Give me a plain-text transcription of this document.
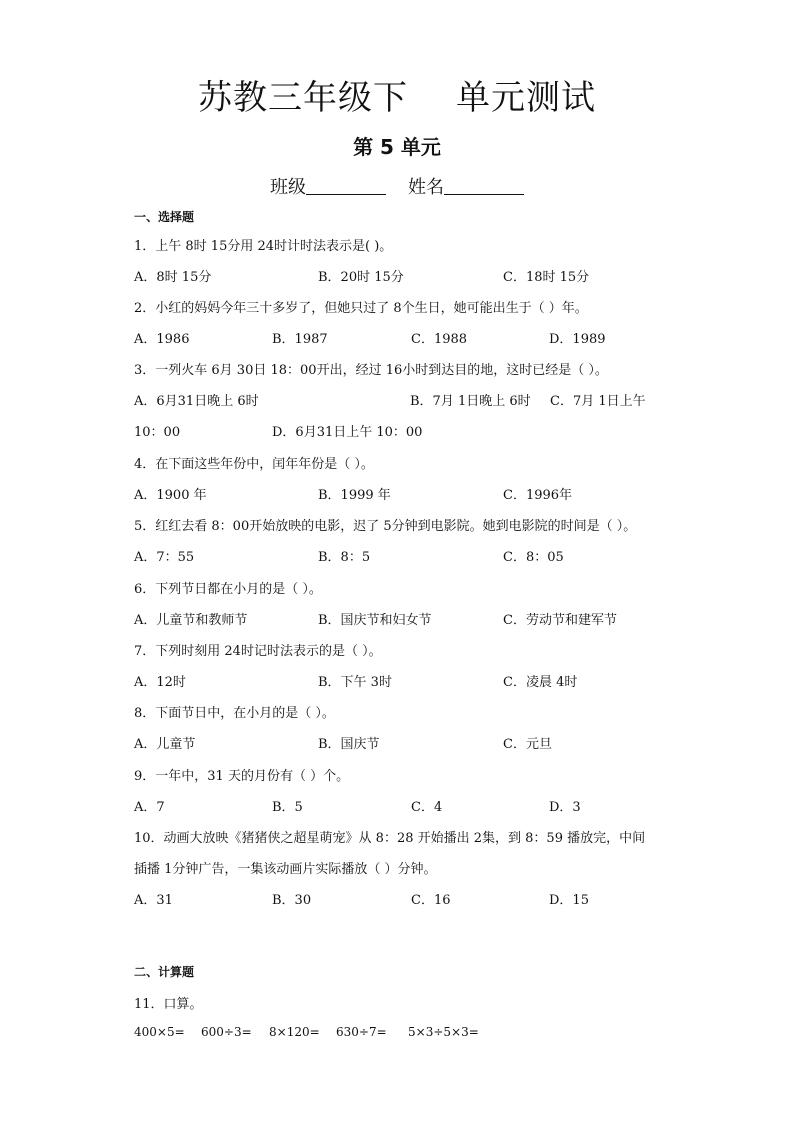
苏教三年级下 单元测试
第 5 单元
班级	姓名
一、选择题
1．上午 8时 15分用 24时计时法表示是( )。
A．8时 15分	B．20时 15分	C．18时 15分
2．小红的妈妈今年三十多岁了，但她只过了 8个生日，她可能出生于（ ）年。
A．1986	B．1987	C．1988	D．1989
3．一列火车 6月 30日 18：00开出，经过 16小时到达目的地，这时已经是（ ）。
A．6月31日晚上 6时	B．7月 1日晚上 6时 C．7月 1日上午
10：00	D．6月31日上午 10：00
4．在下面这些年份中，闰年年份是（ ）。
A．1900 年	B．1999 年	C．1996年
5．红红去看 8：00开始放映的电影，迟了 5分钟到电影院。她到电影院的时间是（ ）。
A．7：55	B．8：5	C．8：05
6．下列节日都在小月的是（ ）。
A．儿童节和教师节	B．国庆节和妇女节	C．劳动节和建军节
7．下列时刻用 24时记时法表示的是（ ）。
A．12时	B．下午 3时	C．凌晨 4时
8．下面节日中，在小月的是（ ）。
A．儿童节	B．国庆节	C．元旦
9．一年中，31 天的月份有（ ）个。
A．7	B．5	C．4	D．3
10．动画大放映《猪猪侠之超星萌宠》从 8：28 开始播出 2集，到 8：59 播放完，中间
插播 1分钟广告，一集该动画片实际播放（ ）分钟。
A．31	B．30	C．16	D．15
二、计算题
11．口算。
400×5= 600÷3= 8×120= 630÷7= 5×3÷5×3=
